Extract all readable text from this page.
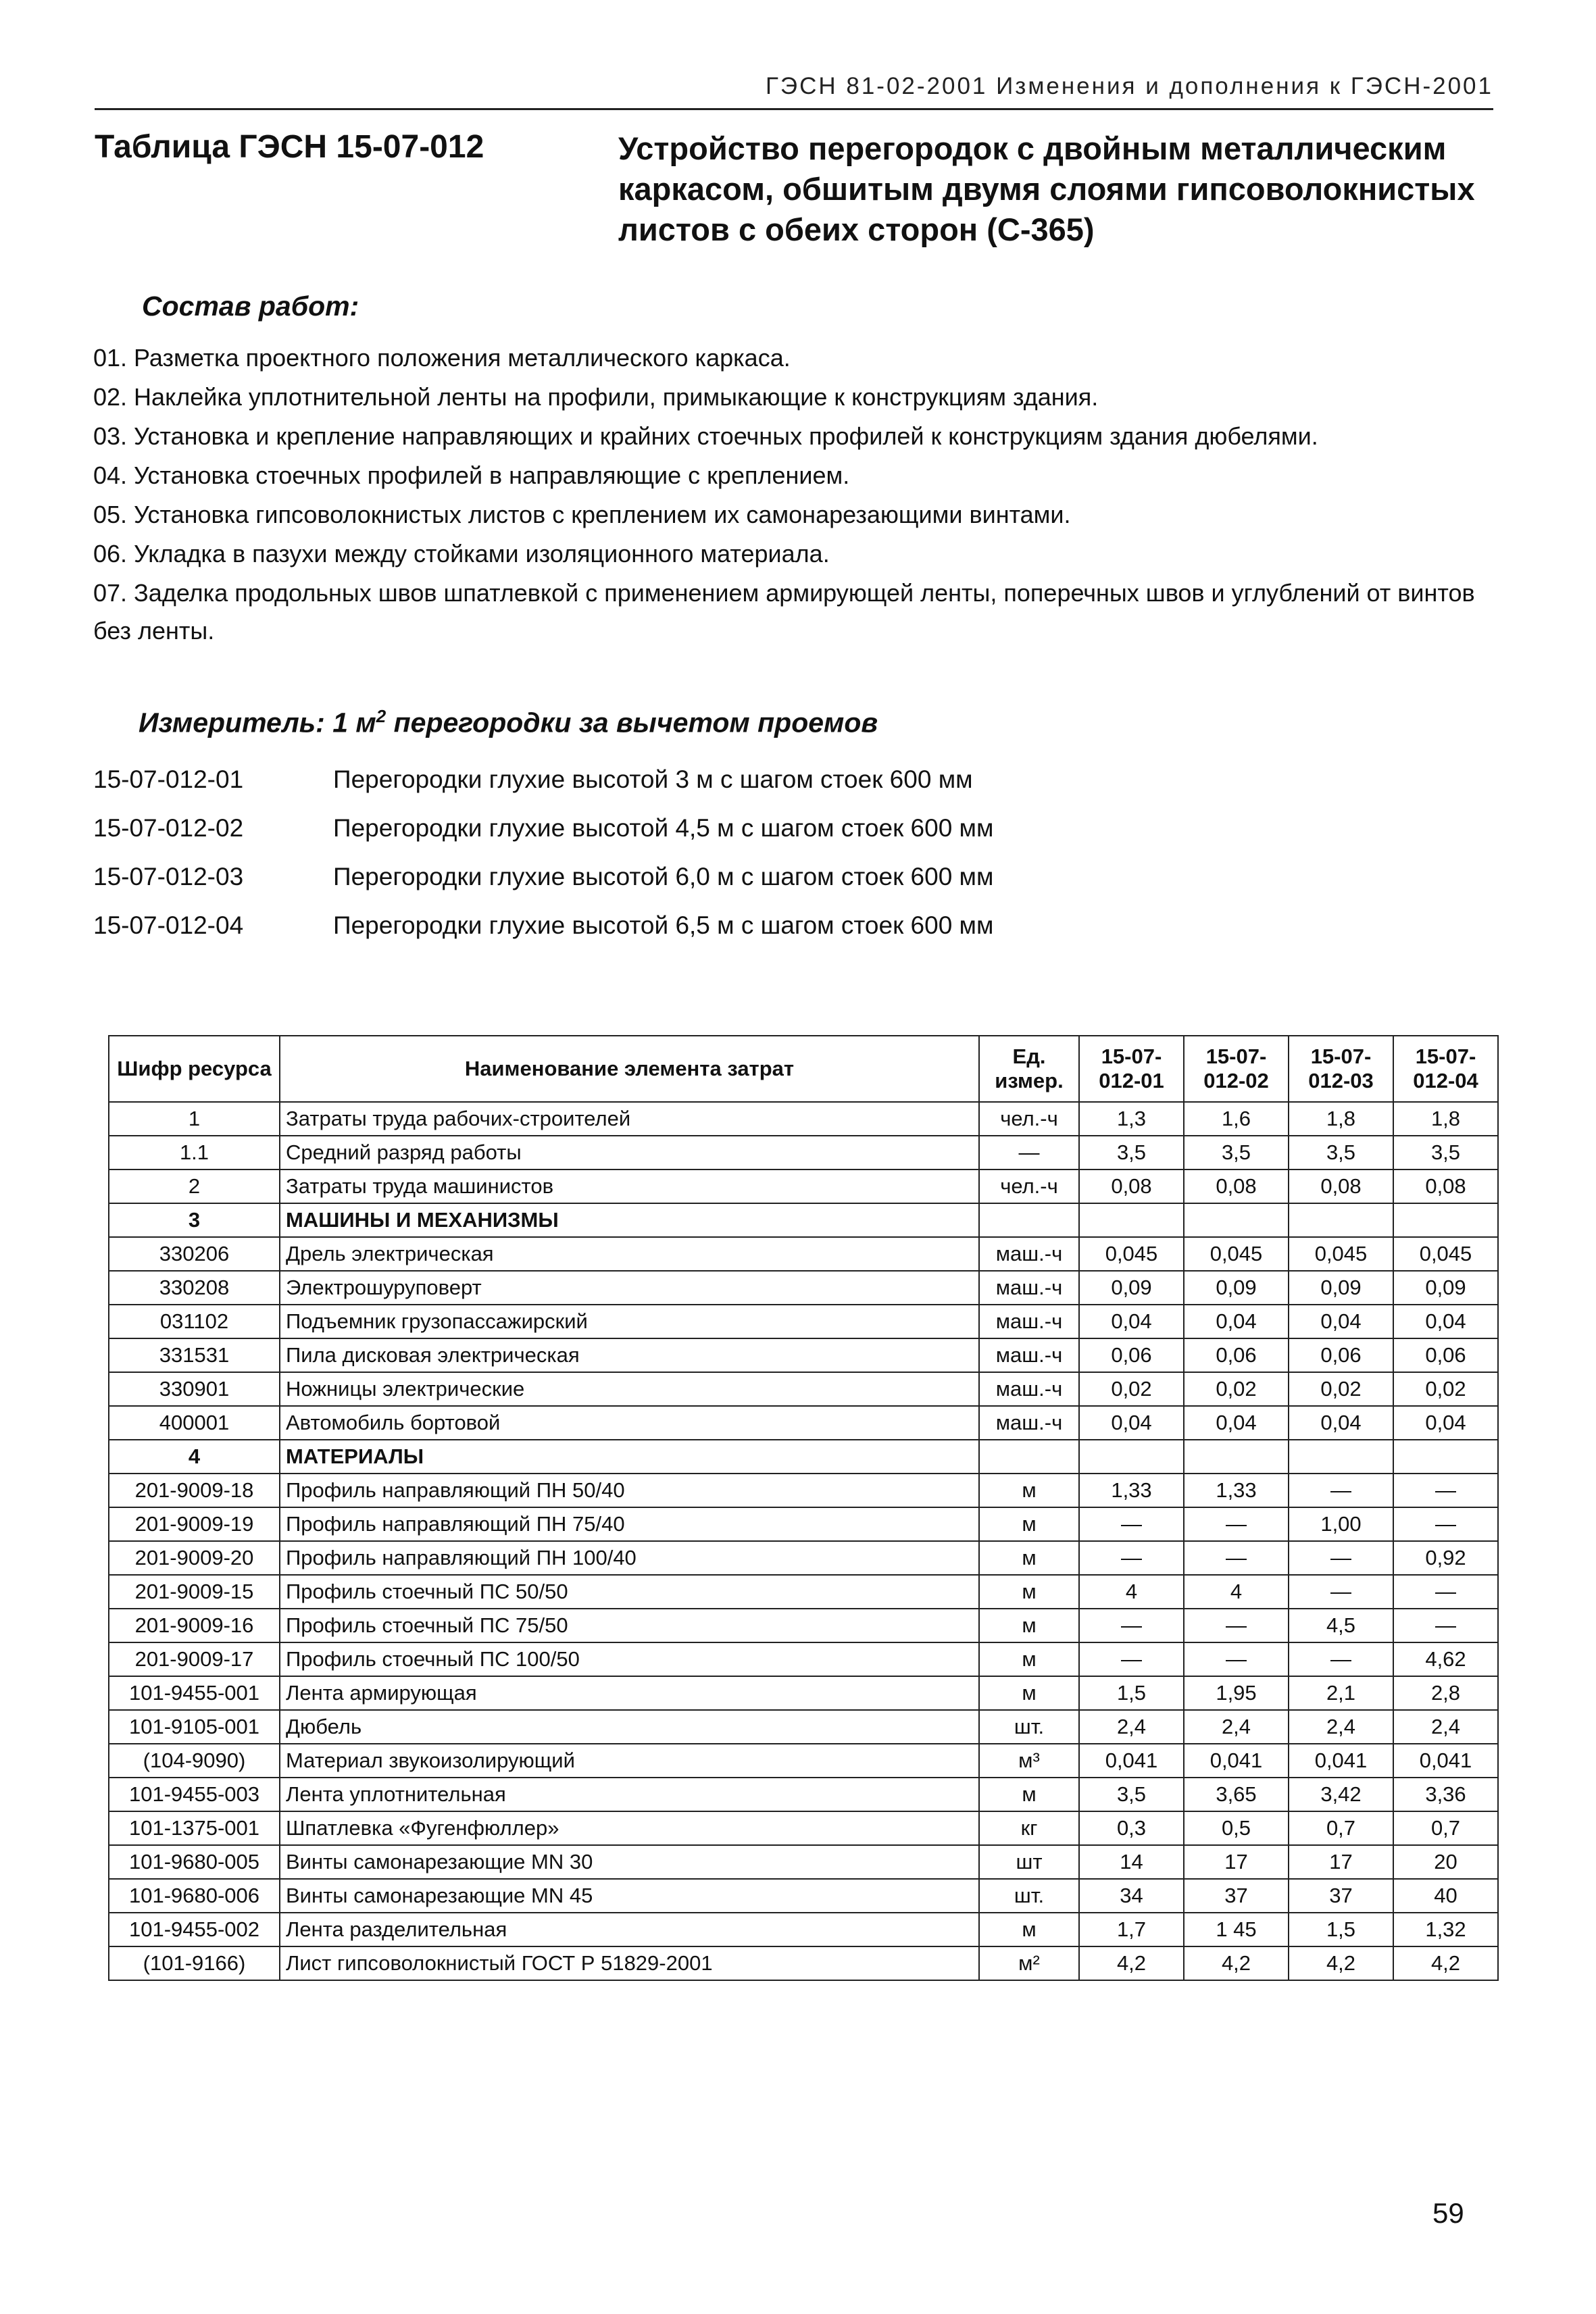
ГЭСН 81-02-2001 Изменения и дополнения к ГЭСН-2001
Таблица ГЭСН 15-07-012	Устройство перегородок с двойным металлическим каркасом, обшитым двумя слоями гипсоволокнистых листов с обеих сторон (С-365)
Состав работ:
01. Разметка проектного положения металлического каркаса.
02. Наклейка уплотнительной ленты на профили, примыкающие к конструкциям здания.
03. Установка и крепление направляющих и крайних стоечных профилей к конструкциям здания дюбелями.
04. Установка стоечных профилей в направляющие с креплением.
05. Установка гипсоволокнистых листов с креплением их самонарезающими винтами.
06. Укладка в пазухи между стойками изоляционного материала.
07. Заделка продольных швов шпатлевкой с применением армирующей ленты, поперечных швов и углублений от винтов без ленты.
Измеритель: 1 $м^2$ перегородки за вычетом проемов
15-07-012-01	Перегородки глухие высотой 3 м с шагом стоек 600 мм
15-07-012-02	Перегородки глухие высотой 4,5 м с шагом стоек 600 мм
15-07-012-03	Перегородки глухие высотой 6,0 м с шагом стоек 600 мм
15-07-012-04	Перегородки глухие высотой 6,5 м с шагом стоек 600 мм
Шифр ресурса	Наименование элемента затрат	Ед. измер.	15-07-012-01	15-07-012-02	15-07-012-03	15-07-012-04
1	Затраты труда рабочих-строителей	чел.-ч	1,3	1,6	1,8	1,8
1.1	Средний разряд работы	—	3,5	3,5	3,5	3,5
2	Затраты труда машинистов	чел.-ч	0,08	0,08	0,08	0,08
3	МАШИНЫ И МЕХАНИЗМЫ					
330206	Дрель электрическая	маш.-ч	0,045	0,045	0,045	0,045
330208	Электрошуруповерт	маш.-ч	0,09	0,09	0,09	0,09
031102	Подъемник грузопассажирский	маш.-ч	0,04	0,04	0,04	0,04
331531	Пила дисковая электрическая	маш.-ч	0,06	0,06	0,06	0,06
330901	Ножницы электрические	маш.-ч	0,02	0,02	0,02	0,02
400001	Автомобиль бортовой	маш.-ч	0,04	0,04	0,04	0,04
4	МАТЕРИАЛЫ					
201-9009-18	Профиль направляющий ПН 50/40	м	1,33	1,33	—	—
201-9009-19	Профиль направляющий ПН 75/40	м	—	—	1,00	—
201-9009-20	Профиль направляющий ПН 100/40	м	—	—	—	0,92
201-9009-15	Профиль стоечный ПС 50/50	м	4	4	—	—
201-9009-16	Профиль стоечный ПС 75/50	м	—	—	4,5	—
201-9009-17	Профиль стоечный ПС 100/50	м	—	—	—	4,62
101-9455-001	Лента армирующая	м	1,5	1,95	2,1	2,8
101-9105-001	Дюбель	шт.	2,4	2,4	2,4	2,4
(104-9090)	Материал звукоизолирующий	м³	0,041	0,041	0,041	0,041
101-9455-003	Лента уплотнительная	м	3,5	3,65	3,42	3,36
101-1375-001	Шпатлевка «Фугенфюллер»	кг	0,3	0,5	0,7	0,7
101-9680-005	Винты самонарезающие MN 30	шт	14	17	17	20
101-9680-006	Винты самонарезающие MN 45	шт.	34	37	37	40
101-9455-002	Лента разделительная	м	1,7	1 45	1,5	1,32
(101-9166)	Лист гипсоволокнистый ГОСТ Р 51829-2001	м²	4,2	4,2	4,2	4,2
59
